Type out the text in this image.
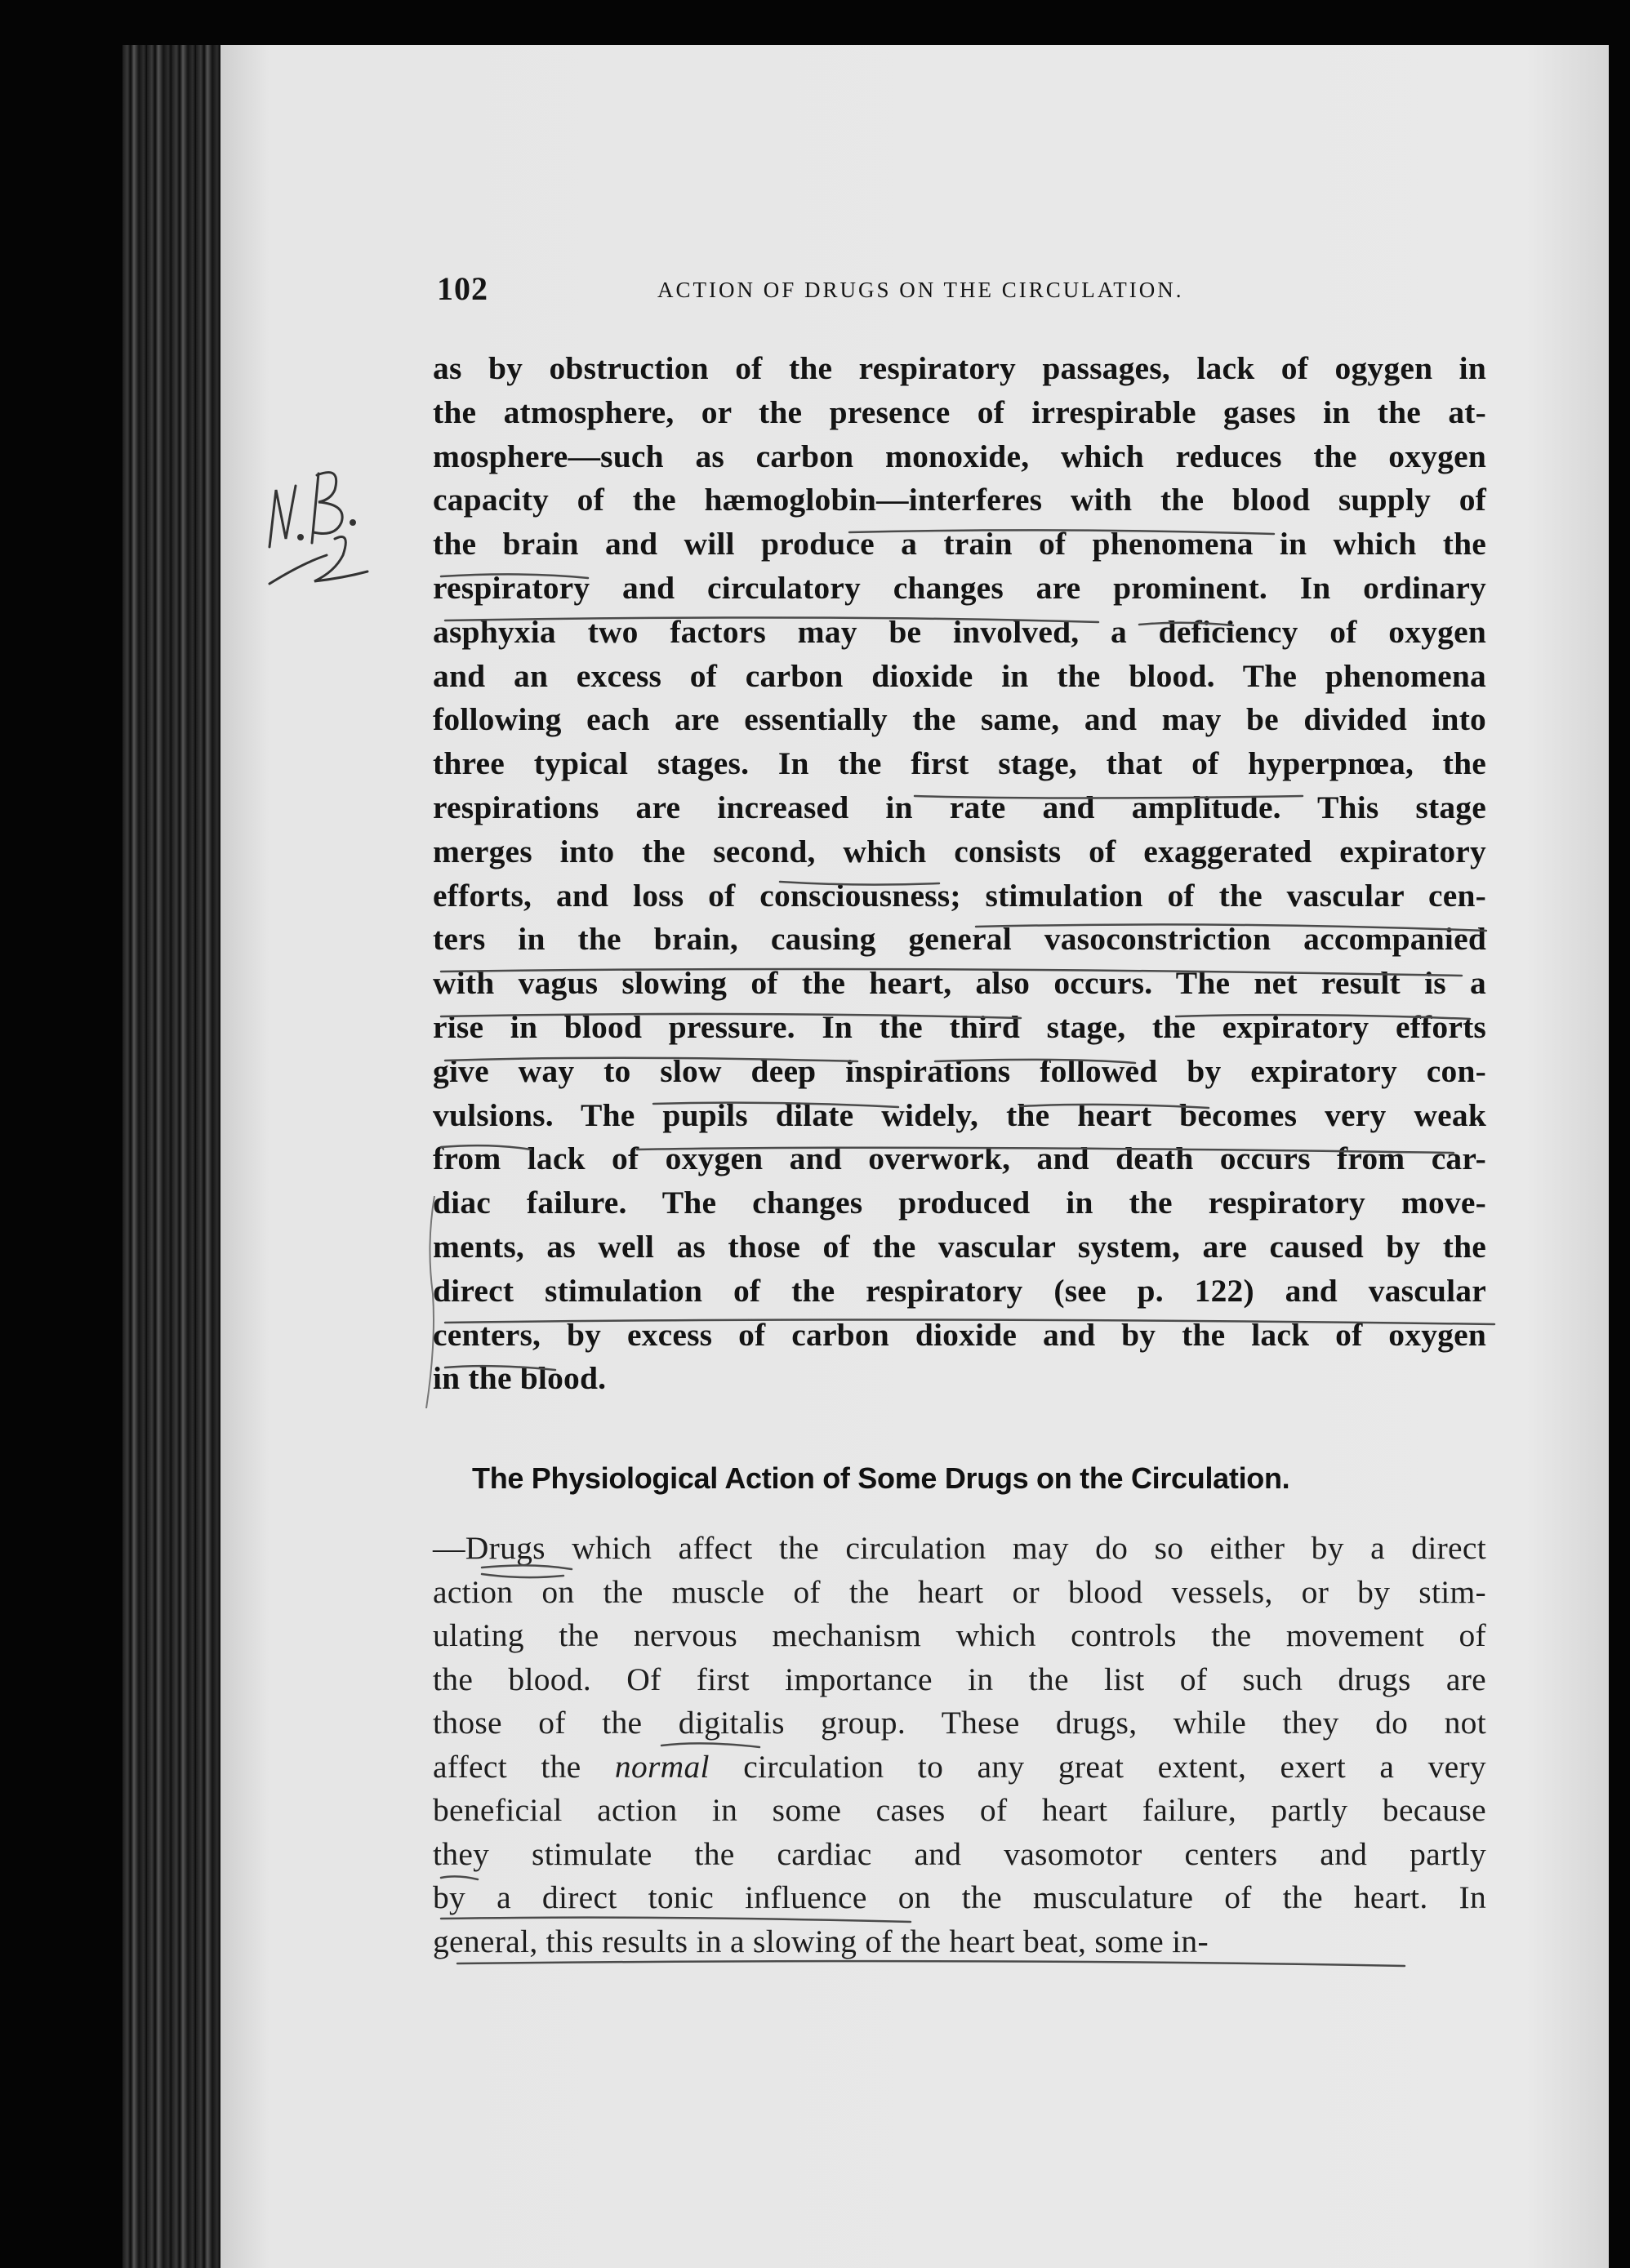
102	ACTION OF DRUGS ON THE CIRCULATION.
as by obstruction of the respiratory passages, lack of ogygen in
the atmosphere, or the presence of irrespirable gases in the at-
mosphere—such as carbon monoxide, which reduces the oxygen
capacity of the hæmoglobin—interferes with the blood supply of
the brain and will produce a train of phenomena in which the
respiratory and circulatory changes are prominent. In ordinary
asphyxia two factors may be involved, a deficiency of oxygen
and an excess of carbon dioxide in the blood. The phenomena
following each are essentially the same, and may be divided into
three typical stages. In the first stage, that of hyperpnœa, the
respirations are increased in rate and amplitude. This stage
merges into the second, which consists of exaggerated expiratory
efforts, and loss of consciousness; stimulation of the vascular cen-
ters in the brain, causing general vasoconstriction accompanied
with vagus slowing of the heart, also occurs. The net result is a
rise in blood pressure. In the third stage, the expiratory efforts
give way to slow deep inspirations followed by expiratory con-
vulsions. The pupils dilate widely, the heart becomes very weak
from lack of oxygen and overwork, and death occurs from car-
diac failure. The changes produced in the respiratory move-
ments, as well as those of the vascular system, are caused by the
direct stimulation of the respiratory (see p. 122) and vascular
centers, by excess of carbon dioxide and by the lack of oxygen
in the blood.
The Physiological Action of Some Drugs on the Circulation.
—Drugs which affect the circulation may do so either by a direct
action on the muscle of the heart or blood vessels, or by stim-
ulating the nervous mechanism which controls the movement of
the blood. Of first importance in the list of such drugs are
those of the digitalis group. These drugs, while they do not
affect the normal circulation to any great extent, exert a very
beneficial action in some cases of heart failure, partly because
they stimulate the cardiac and vasomotor centers and partly
by a direct tonic influence on the musculature of the heart. In
general, this results in a slowing of the heart beat, some in-
